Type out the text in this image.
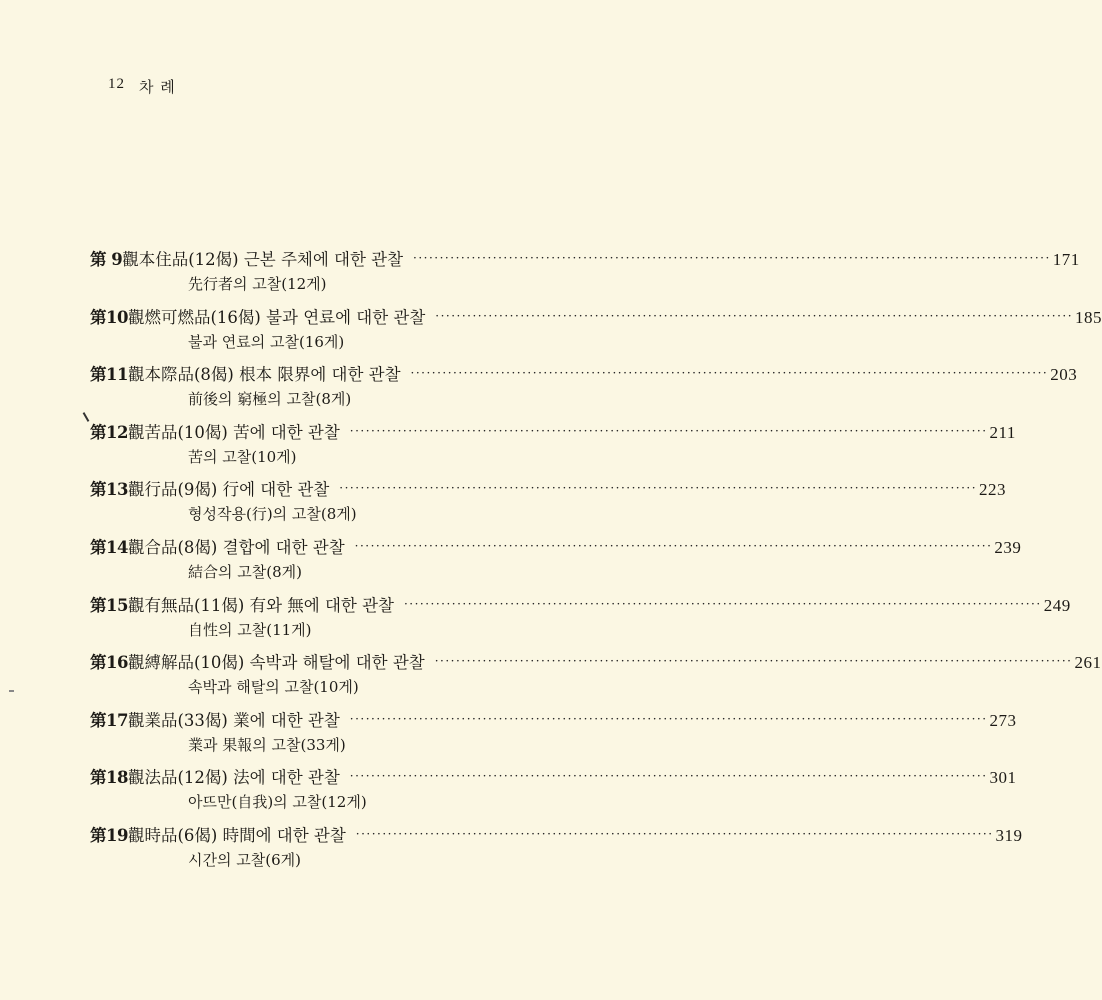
12 차 례
第 9 觀本住品(12偈) 근본 주체에 대한 관찰 ························································································································ 171
先行者의 고찰(12게)
第10 觀燃可燃品(16偈) 불과 연료에 대한 관찰 ························································································································ 185
불과 연료의 고찰(16게)
第11 觀本際品(8偈) 根本 限界에 대한 관찰 ························································································································ 203
前後의 窮極의 고찰(8게)
第12 觀苦品(10偈) 苦에 대한 관찰 ························································································································ 211
苦의 고찰(10게)
第13 觀行品(9偈) 行에 대한 관찰 ························································································································ 223
형성작용(行)의 고찰(8게)
第14 觀合品(8偈) 결합에 대한 관찰 ························································································································ 239
結合의 고찰(8게)
第15 觀有無品(11偈) 有와 無에 대한 관찰 ························································································································ 249
自性의 고찰(11게)
第16 觀縛解品(10偈) 속박과 해탈에 대한 관찰 ························································································································ 261
속박과 해탈의 고찰(10게)
第17 觀業品(33偈) 業에 대한 관찰 ························································································································ 273
業과 果報의 고찰(33게)
第18 觀法品(12偈) 法에 대한 관찰 ························································································································ 301
아뜨만(自我)의 고찰(12게)
第19 觀時品(6偈) 時間에 대한 관찰 ························································································································ 319
시간의 고찰(6게)
